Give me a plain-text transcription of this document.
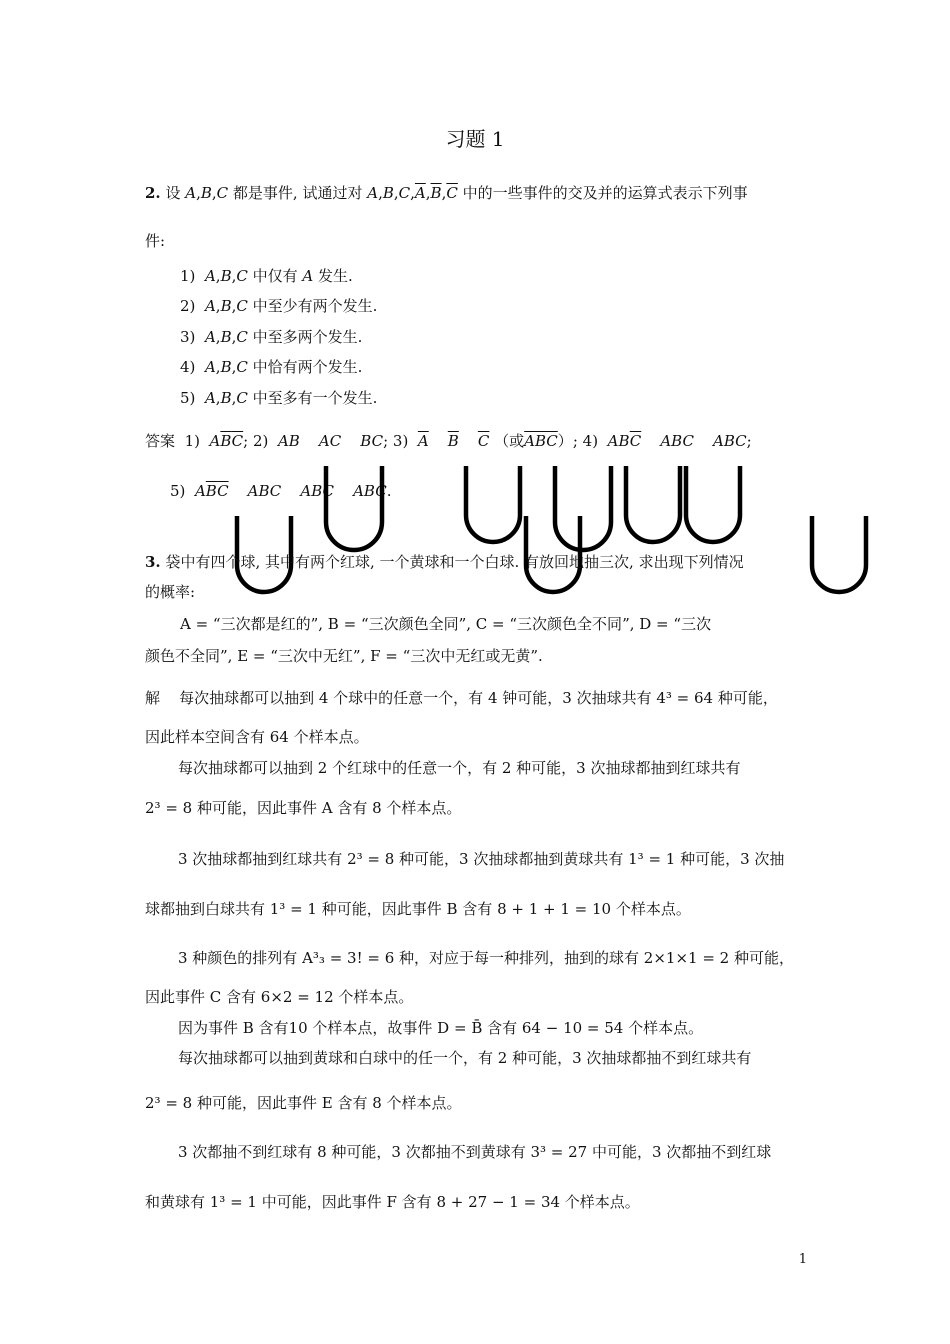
习题 1
2. 设 A,B,C 都是事件, 试通过对 $A,B,C,\overline{A},\overline{B},\overline{C}$ 中的一些事件的交及并的运算式表示下列事
件:
1) A,B,C 中仅有 A 发生.
2) A,B,C 中至少有两个发生.
3) A,B,C 中至多两个发生.
4) A,B,C 中恰有两个发生.
5) A,B,C 中至多有一个发生.
答案 1) $A\overline{B}\overline{C}$; 2) AB AC BC; 3) $\overline{A}$ $\overline{B}$ $\overline{C}$ （或$\overline{ABC}$）; 4) $AB\overline{C}$ ABC ABC;
5) $A\overline{B}\overline{C}$ ABC ABC ABC.
3. 袋中有四个球, 其中有两个红球, 一个黄球和一个白球. 有放回地抽三次, 求出现下列情况
的概率:
A = “三次都是红的”, B = “三次颜色全同”, C = “三次颜色全不同”, D = “三次
颜色不全同”, E = “三次中无红”, F = “三次中无红或无黄”.
解 每次抽球都可以抽到 4 个球中的任意一个，有 4 钟可能，3 次抽球共有 4³ = 64 种可能，
因此样本空间含有 64 个样本点。
每次抽球都可以抽到 2 个红球中的任意一个，有 2 种可能，3 次抽球都抽到红球共有
2³ = 8 种可能，因此事件 A 含有 8 个样本点。
3 次抽球都抽到红球共有 2³ = 8 种可能，3 次抽球都抽到黄球共有 1³ = 1 种可能，3 次抽
球都抽到白球共有 1³ = 1 种可能，因此事件 B 含有 8 + 1 + 1 = 10 个样本点。
3 种颜色的排列有 A³₃ = 3! = 6 种，对应于每一种排列，抽到的球有 2×1×1 = 2 种可能，
因此事件 C 含有 6×2 = 12 个样本点。
因为事件 B 含有10 个样本点，故事件 D = B̄ 含有 64 − 10 = 54 个样本点。
每次抽球都可以抽到黄球和白球中的任一个，有 2 种可能，3 次抽球都抽不到红球共有
2³ = 8 种可能，因此事件 E 含有 8 个样本点。
3 次都抽不到红球有 8 种可能，3 次都抽不到黄球有 3³ = 27 中可能，3 次都抽不到红球
和黄球有 1³ = 1 中可能，因此事件 F 含有 8 + 27 − 1 = 34 个样本点。
1
